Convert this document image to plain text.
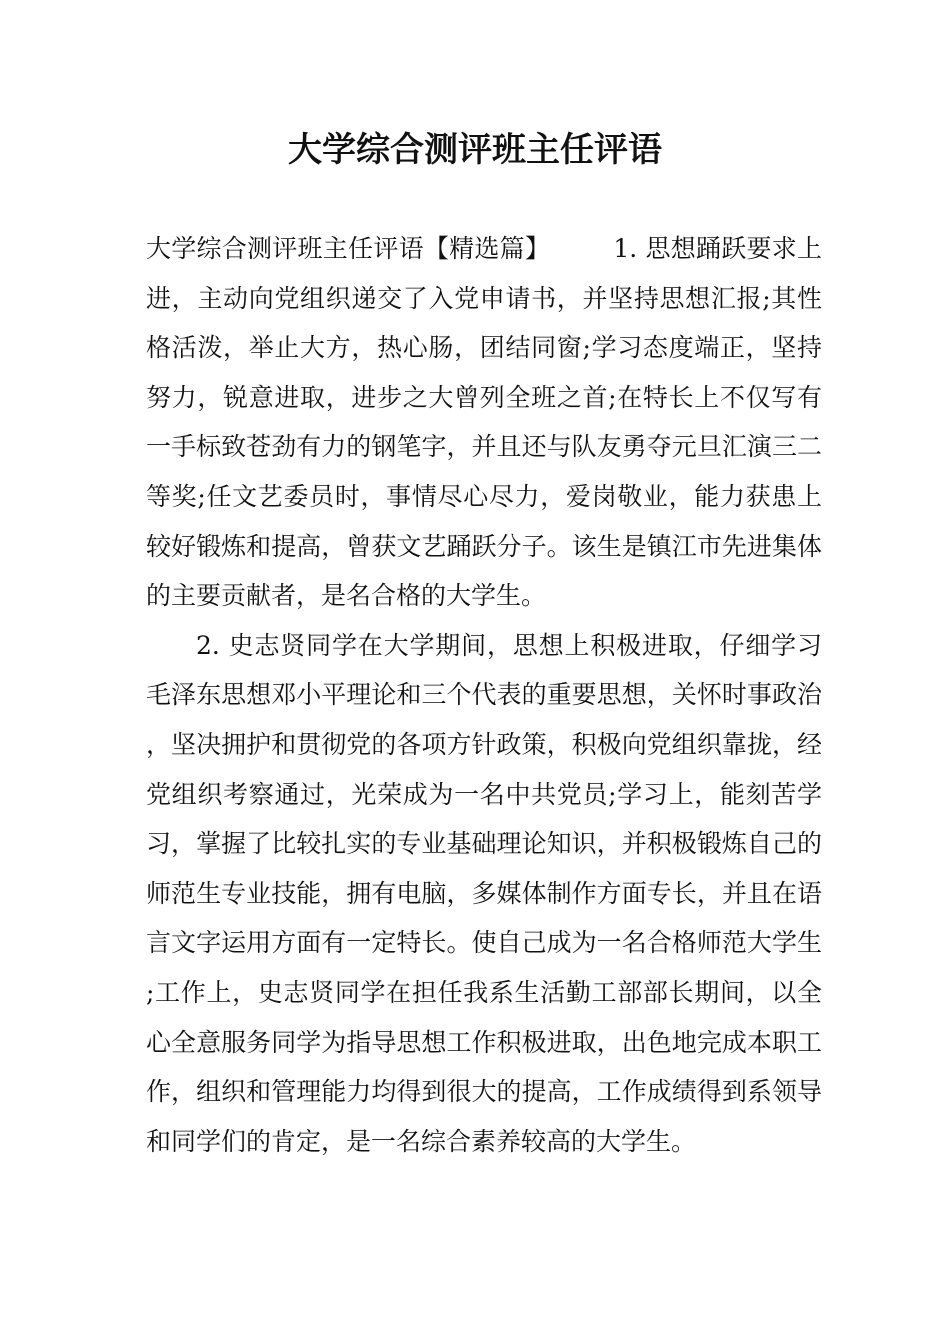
大学综合测评班主任评语

大学综合测评班主任评语【精选篇】　　　1. 思想踊跃要求上进，主动向党组织递交了入党申请书，并坚持思想汇报;其性格活泼，举止大方，热心肠，团结同窗;学习态度端正，坚持努力，锐意进取，进步之大曾列全班之首;在特长上不仅写有一手标致苍劲有力的钢笔字，并且还与队友勇夺元旦汇演三二等奖;任文艺委员时，事情尽心尽力，爱岗敬业，能力获患上较好锻炼和提高，曾获文艺踊跃分子。该生是镇江市先进集体的主要贡献者，是名合格的大学生。

2. 史志贤同学在大学期间，思想上积极进取，仔细学习毛泽东思想邓小平理论和三个代表的重要思想，关怀时事政治，坚决拥护和贯彻党的各项方针政策，积极向党组织靠拢，经党组织考察通过，光荣成为一名中共党员;学习上，能刻苦学习，掌握了比较扎实的专业基础理论知识，并积极锻炼自己的师范生专业技能，拥有电脑，多媒体制作方面专长，并且在语言文字运用方面有一定特长。使自己成为一名合格师范大学生;工作上，史志贤同学在担任我系生活勤工部部长期间，以全心全意服务同学为指导思想工作积极进取，出色地完成本职工作，组织和管理能力均得到很大的提高，工作成绩得到系领导和同学们的肯定，是一名综合素养较高的大学生。
